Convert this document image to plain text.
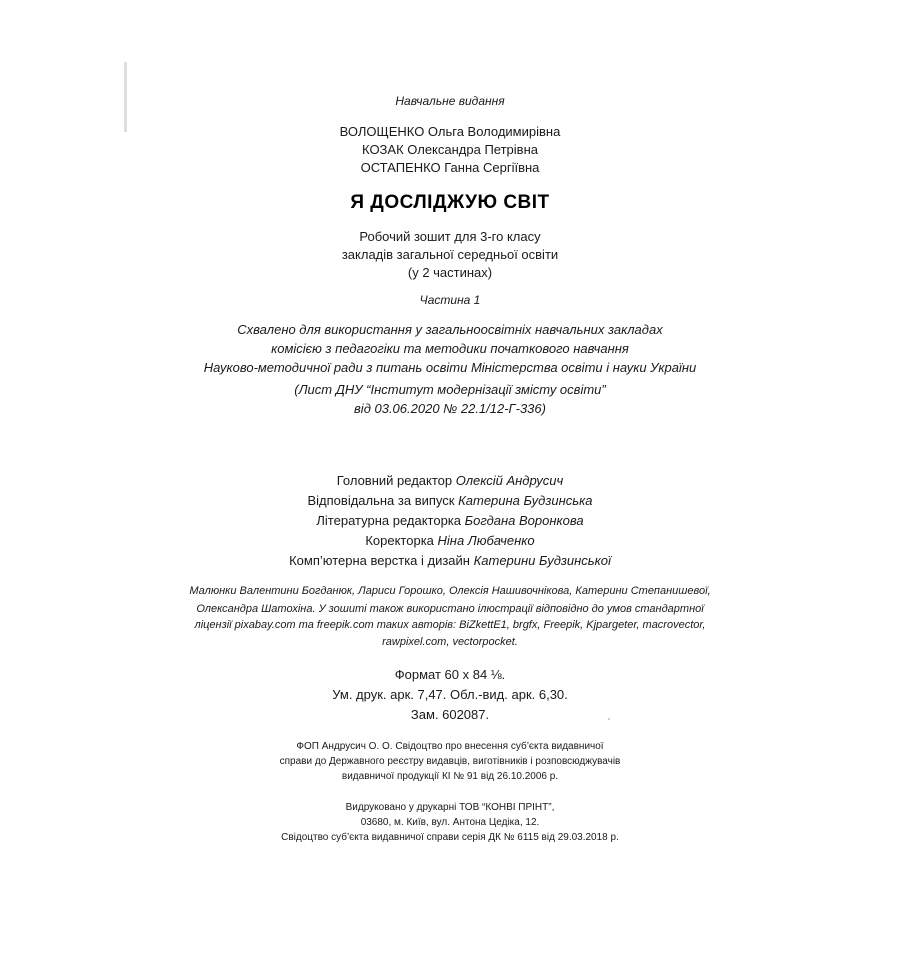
Навчальне видання
ВОЛОЩЕНКО Ольга Володимирівна
КОЗАК Олександра Петрівна
ОСТАПЕНКО Ганна Сергіївна
Я ДОСЛІДЖУЮ СВІТ
Робочий зошит для 3-го класу
закладів загальної середньої освіти
(у 2 частинах)
Частина 1
Схвалено для використання у загальноосвітніх навчальних закладах
комісією з педагогіки та методики початкового навчання
Науково-методичної ради з питань освіти Міністерства освіти і науки України
(Лист ДНУ “Інститут модернізації змісту освіти”
від 03.06.2020 № 22.1/12-Г-336)
Головний редактор Олексій Андрусич
Відповідальна за випуск Катерина Будзинська
Літературна редакторка Богдана Воронкова
Коректорка Ніна Любаченко
Комп’ютерна верстка і дизайн Катерини Будзинської
Малюнки Валентини Богданюк, Лариси Горошко, Олексія Нашивочнікова, Катерини Степанишевої,
Олександра Шатохіна. У зошиті також використано ілюстрації відповідно до умов стандартної
ліцензії pixabay.com та freepik.com таких авторів: BiZkettE1, brgfx, Freepik, Kjpargeter, macrovector,
rawpixel.com, vectorpocket.
Формат 60 х 84 ⅛.
Ум. друк. арк. 7,47. Обл.-вид. арк. 6,30.
Зам. 602087.
ФОП Андрусич О. О. Свідоцтво про внесення суб’єкта видавничої
справи до Державного реєстру видавців, виготівників і розповсюджувачів
видавничої продукції КІ № 91 від 26.10.2006 р.
Видруковано у друкарні ТОВ “КОНВІ ПРІНТ”,
03680, м. Київ, вул. Антона Цедіка, 12.
Свідоцтво суб’єкта видавничої справи серія ДК № 6115 від 29.03.2018 р.
